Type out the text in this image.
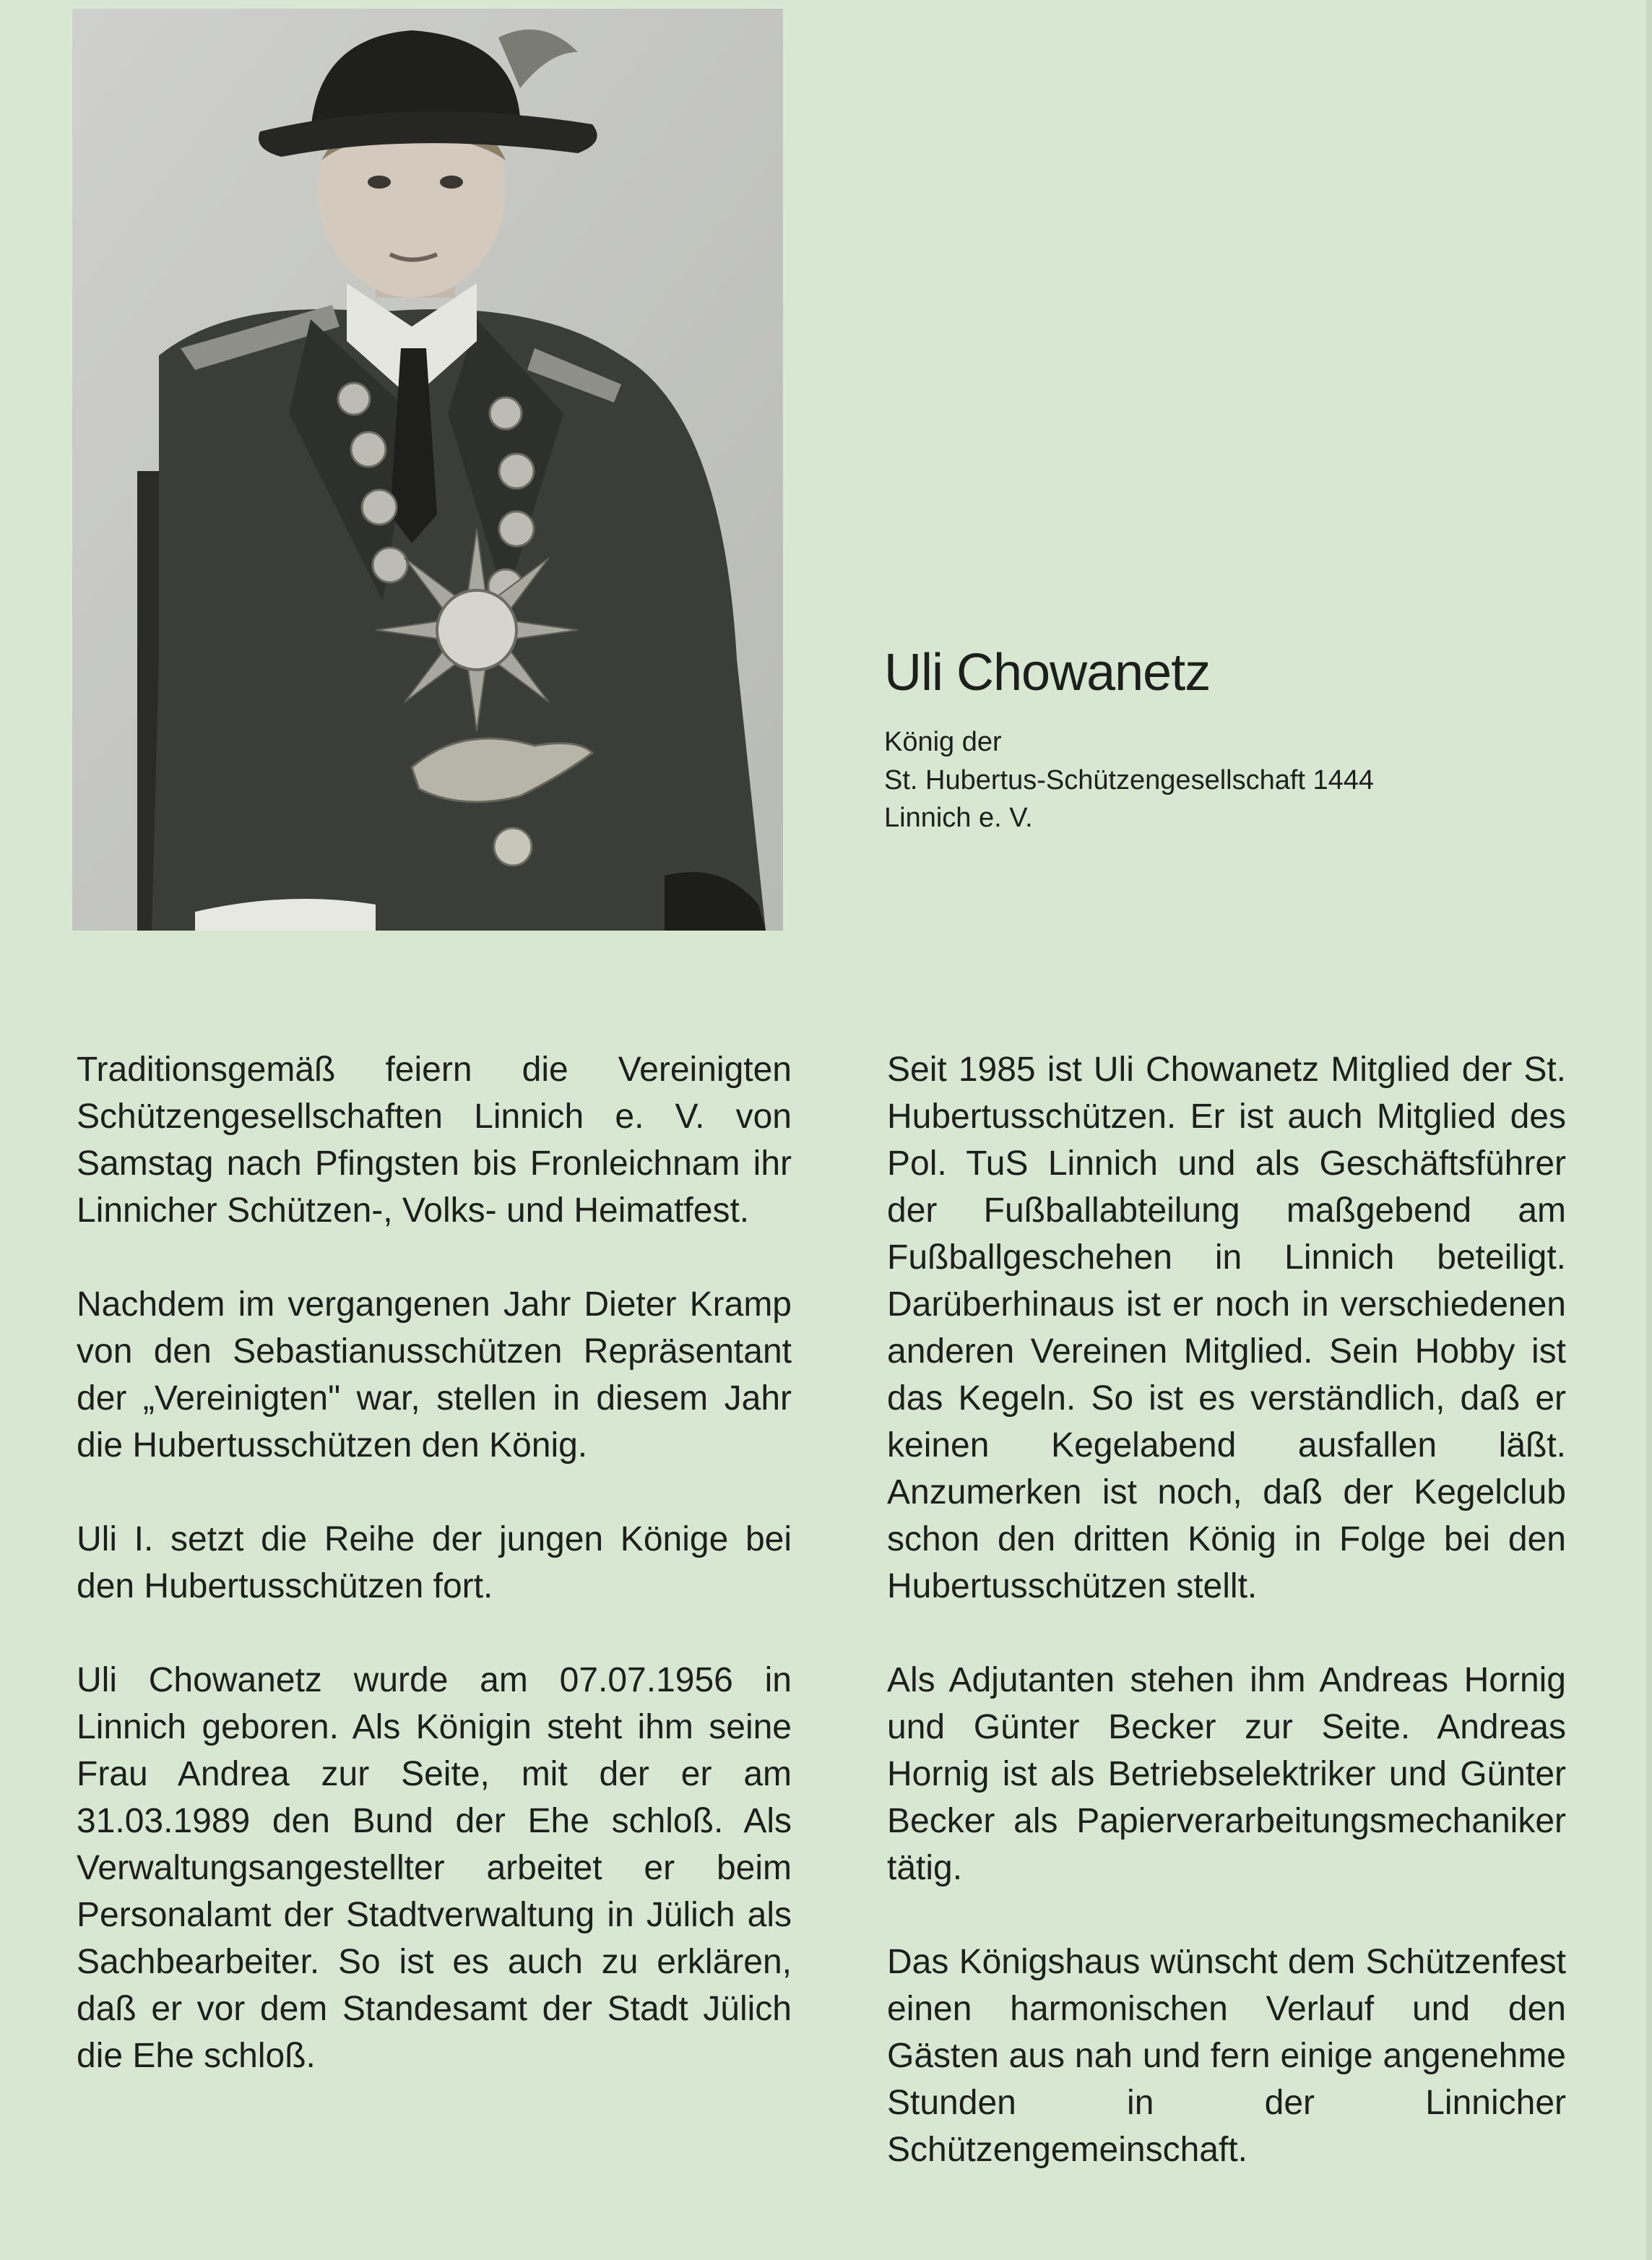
Uli Chowanetz

König der

St. Hubertus-Schützengesellschaft 1444

Linnich e. V.

Traditionsgemäß feiern die Vereinigten Schützengesellschaften Linnich e. V. von Samstag nach Pfingsten bis Fronleichnam ihr Linnicher Schützen-, Volks- und Heimatfest.

Nachdem im vergangenen Jahr Dieter Kramp von den Sebastianusschützen Repräsentant der „Vereinigten" war, stellen in diesem Jahr die Hubertusschützen den König.

Uli I. setzt die Reihe der jungen Könige bei den Hubertusschützen fort.

Uli Chowanetz wurde am 07.07.1956 in Linnich geboren. Als Königin steht ihm seine Frau Andrea zur Seite, mit der er am 31.03.1989 den Bund der Ehe schloß. Als Verwaltungsangestellter arbeitet er beim Personalamt der Stadtverwaltung in Jülich als Sachbearbeiter. So ist es auch zu erklären, daß er vor dem Standesamt der Stadt Jülich die Ehe schloß.

Seit 1985 ist Uli Chowanetz Mitglied der St. Hubertusschützen. Er ist auch Mitglied des Pol. TuS Linnich und als Geschäftsführer der Fußballabteilung maßgebend am Fußballgeschehen in Linnich beteiligt. Darüberhinaus ist er noch in verschiedenen anderen Vereinen Mitglied. Sein Hobby ist das Kegeln. So ist es verständlich, daß er keinen Kegelabend ausfallen läßt. Anzumerken ist noch, daß der Kegelclub schon den dritten König in Folge bei den Hubertusschützen stellt.

Als Adjutanten stehen ihm Andreas Hornig und Günter Becker zur Seite. Andreas Hornig ist als Betriebselektriker und Günter Becker als Papierverarbeitungsmechaniker tätig.

Das Königshaus wünscht dem Schützenfest einen harmonischen Verlauf und den Gästen aus nah und fern einige angenehme Stunden in der Linnicher Schützengemeinschaft.
